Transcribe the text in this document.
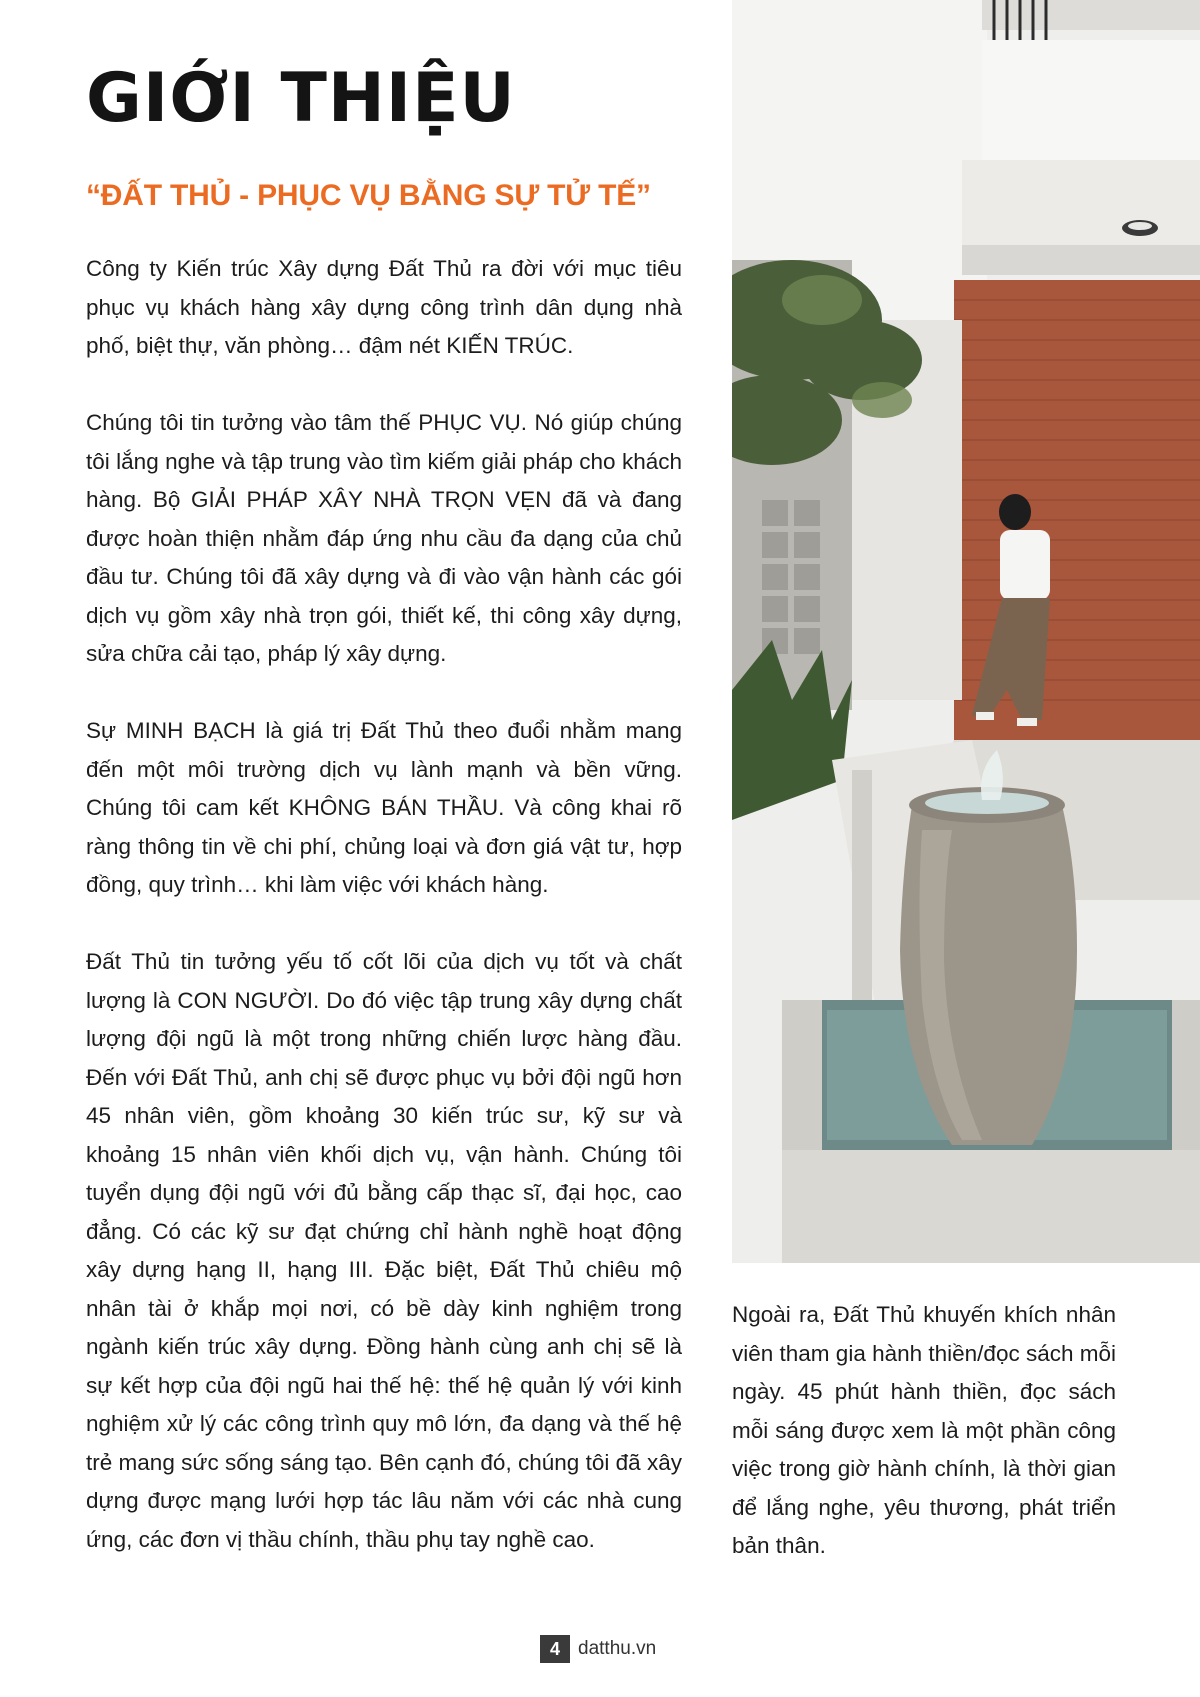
GIỚI THIỆU
“ĐẤT THỦ - PHỤC VỤ BẰNG SỰ TỬ TẾ”

Công ty Kiến trúc Xây dựng Đất Thủ ra đời với mục tiêu phục vụ khách hàng xây dựng công trình dân dụng nhà phố, biệt thự, văn phòng… đậm nét KIẾN TRÚC.

Chúng tôi tin tưởng vào tâm thế PHỤC VỤ. Nó giúp chúng tôi lắng nghe và tập trung vào tìm kiếm giải pháp cho khách hàng. Bộ GIẢI PHÁP XÂY NHÀ TRỌN VẸN đã và đang được hoàn thiện nhằm đáp ứng nhu cầu đa dạng của chủ đầu tư. Chúng tôi đã xây dựng và đi vào vận hành các gói dịch vụ gồm xây nhà trọn gói, thiết kế, thi công xây dựng, sửa chữa cải tạo, pháp lý xây dựng.

Sự MINH BẠCH là giá trị Đất Thủ theo đuổi nhằm mang đến một môi trường dịch vụ lành mạnh và bền vững. Chúng tôi cam kết KHÔNG BÁN THẦU. Và công khai rõ ràng thông tin về chi phí, chủng loại và đơn giá vật tư, hợp đồng, quy trình… khi làm việc với khách hàng.

Đất Thủ tin tưởng yếu tố cốt lõi của dịch vụ tốt và chất lượng là CON NGƯỜI. Do đó việc tập trung xây dựng chất lượng đội ngũ là một trong những chiến lược hàng đầu. Đến với Đất Thủ, anh chị sẽ được phục vụ bởi đội ngũ hơn 45 nhân viên, gồm khoảng 30 kiến trúc sư, kỹ sư và khoảng 15 nhân viên khối dịch vụ, vận hành. Chúng tôi tuyển dụng đội ngũ với đủ bằng cấp thạc sĩ, đại học, cao đẳng. Có các kỹ sư đạt chứng chỉ hành nghề hoạt động xây dựng hạng II, hạng III. Đặc biệt, Đất Thủ chiêu mộ nhân tài ở khắp mọi nơi, có bề dày kinh nghiệm trong ngành kiến trúc xây dựng. Đồng hành cùng anh chị sẽ là sự kết hợp của đội ngũ hai thế hệ: thế hệ quản lý với kinh nghiệm xử lý các công trình quy mô lớn, đa dạng và thế hệ trẻ mang sức sống sáng tạo. Bên cạnh đó, chúng tôi đã xây dựng được mạng lưới hợp tác lâu năm với các nhà cung ứng, các đơn vị thầu chính, thầu phụ tay nghề cao.

Ngoài ra, Đất Thủ khuyến khích nhân viên tham gia hành thiền/đọc sách mỗi ngày. 45 phút hành thiền, đọc sách mỗi sáng được xem là một phần công việc trong giờ hành chính, là thời gian để lắng nghe, yêu thương, phát triển bản thân.

4 datthu.vn
